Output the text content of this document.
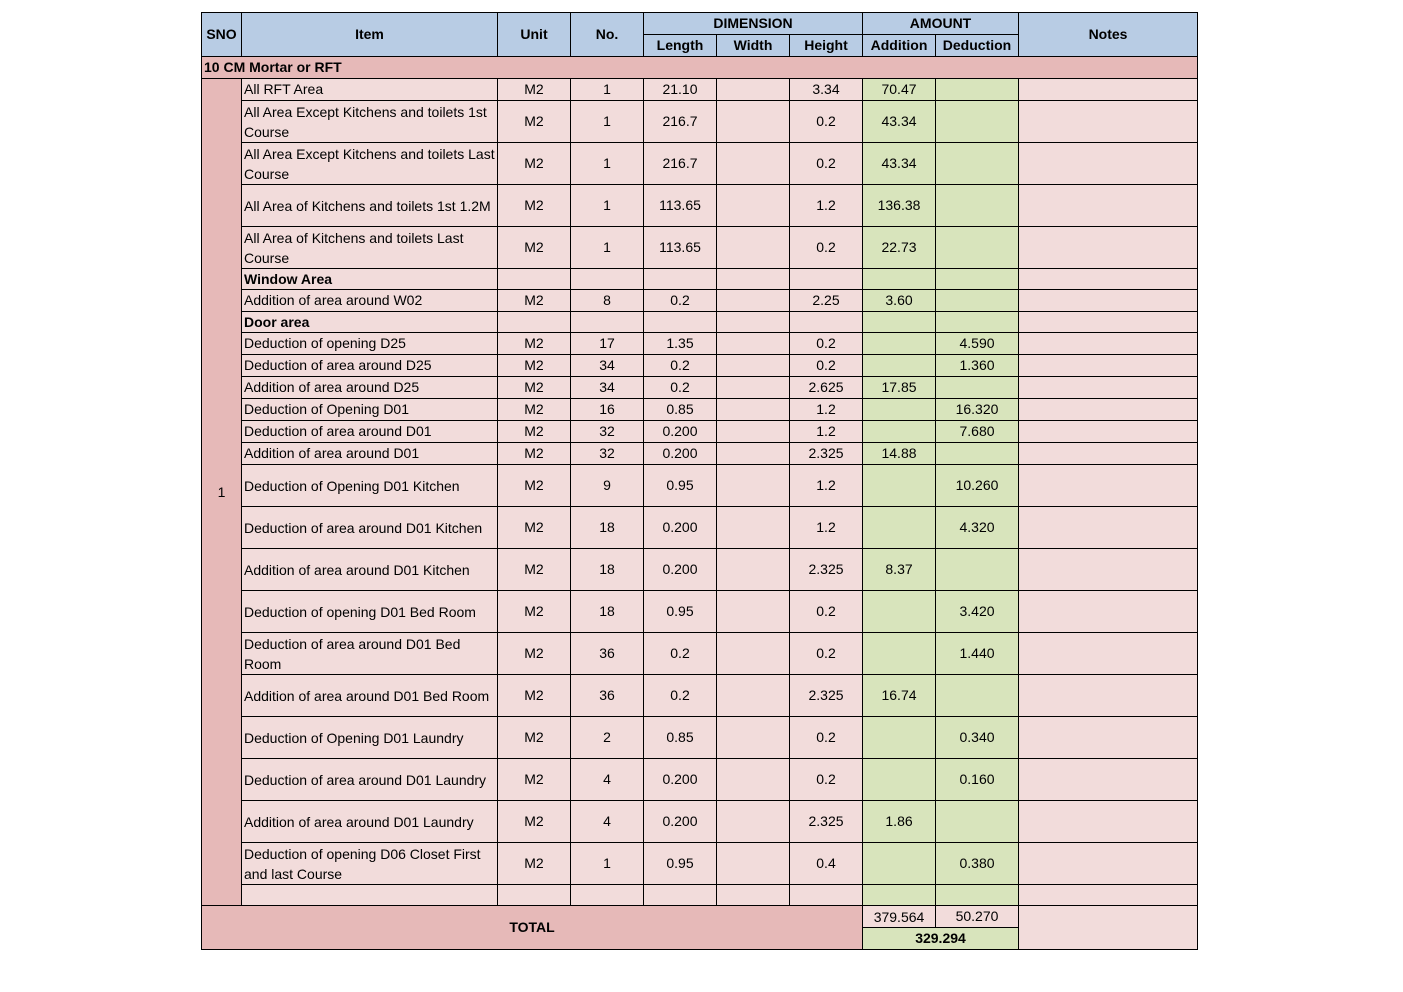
SNO	Item	Unit	No.	DIMENSION			AMOUNT		Notes
				Length	Width	Height	Addition	Deduction	
10 CM Mortar or RFT									
1	All RFT Area	M2	1	21.10		3.34	70.47		
	All Area Except Kitchens and toilets 1st Course	M2	1	216.7		0.2	43.34		
	All Area Except Kitchens and toilets Last Course	M2	1	216.7		0.2	43.34		
	All Area of Kitchens and toilets 1st 1.2M	M2	1	113.65		1.2	136.38		
	All Area of Kitchens and toilets Last Course	M2	1	113.65		0.2	22.73		
	Window Area								
	Addition of area around W02	M2	8	0.2		2.25	3.60		
	Door area								
	Deduction of opening D25	M2	17	1.35		0.2		4.590	
	Deduction of area around D25	M2	34	0.2		0.2		1.360	
	Addition of area around D25	M2	34	0.2		2.625	17.85		
	Deduction of Opening D01	M2	16	0.85		1.2		16.320	
	Deduction of area around D01	M2	32	0.200		1.2		7.680	
	Addition of area around D01	M2	32	0.200		2.325	14.88		
	Deduction of Opening D01 Kitchen	M2	9	0.95		1.2		10.260	
	Deduction of area around D01 Kitchen	M2	18	0.200		1.2		4.320	
	Addition of area around D01 Kitchen	M2	18	0.200		2.325	8.37		
	Deduction of opening D01 Bed Room	M2	18	0.95		0.2		3.420	
	Deduction of area around D01 Bed Room	M2	36	0.2		0.2		1.440	
	Addition of area around D01 Bed Room	M2	36	0.2		2.325	16.74		
	Deduction of Opening D01 Laundry	M2	2	0.85		0.2		0.340	
	Deduction of area around D01 Laundry	M2	4	0.200		0.2		0.160	
	Addition of area around D01 Laundry	M2	4	0.200		2.325	1.86		
	Deduction of opening D06 Closet First and last Course	M2	1	0.95		0.4		0.380	

TOTAL							379.564	50.270	
							329.294		
